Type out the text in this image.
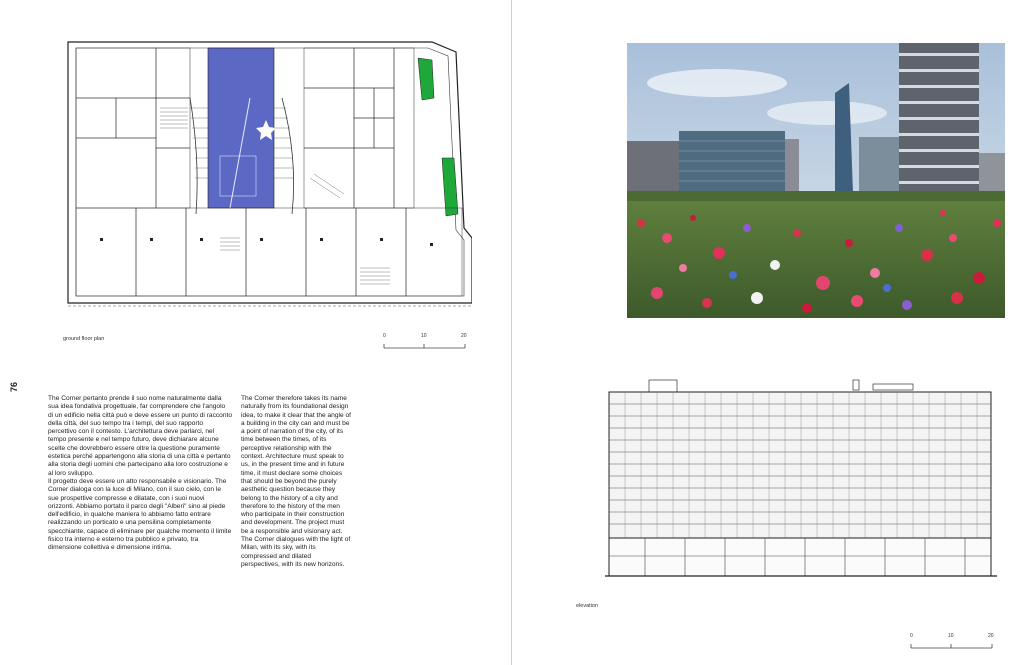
ground floor plan	0	10	20
76

The Corner pertanto prende il suo nome naturalmente dalla sua idea fondativa progettuale, far comprendere che l'angolo di un edificio nella città può e deve essere un punto di racconto della città, del suo tempo tra i tempi, del suo rapporto percettivo con il contesto. L'architettura deve parlarci, nel tempo presente e nel tempo futuro, deve dichiarare alcune scelte che dovrebbero essere oltre la questione puramente estetica perché appartengono alla storia di una città e pertanto alla storia degli uomini che partecipano alla loro costruzione e al loro sviluppo.

Il progetto deve essere un atto responsabile e visionario. The Corner dialoga con la luce di Milano, con il suo cielo, con le sue prospettive compresse e dilatate, con i suoi nuovi orizzonti. Abbiamo portato il parco degli "Alberi" sino al piede dell'edificio, in qualche maniera lo abbiamo fatto entrare realizzando un porticato e una pensilina completamente specchiante, capace di eliminare per qualche momento il limite fisico tra interno e esterno tra pubblico e privato, tra dimensione collettiva e dimensione intima.

The Corner therefore takes its name naturally from its foundational design idea, to make it clear that the angle of a building in the city can and must be a point of narration of the city, of its time between the times, of its perceptive relationship with the context. Architecture must speak to us, in the present time and in future time, it must declare some choices that should be beyond the purely aesthetic question because they belong to the history of a city and therefore to the history of the men who participate in their construction and development. The project must be a responsible and visionary act. The Corner dialogues with the light of Milan, with its sky, with its compressed and dilated perspectives, with its new horizons.

elevation
0	10	20
